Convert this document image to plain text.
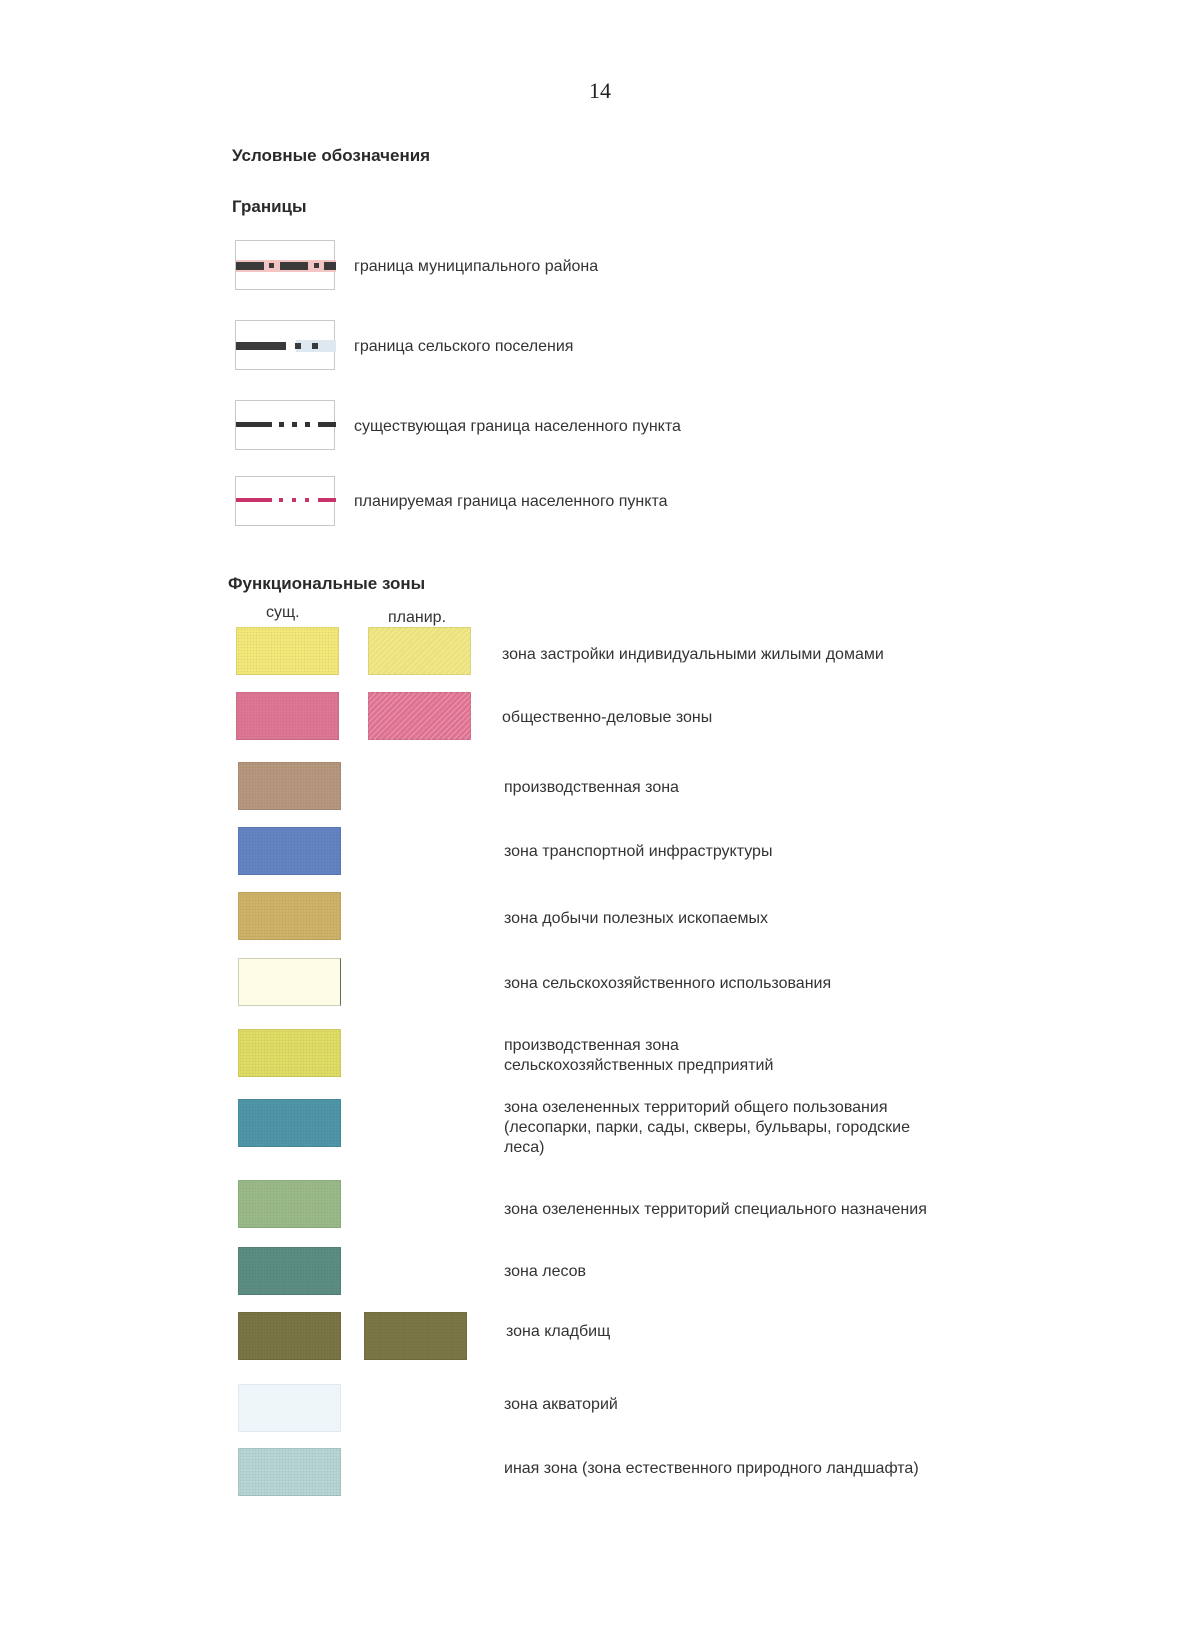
14
Условные обозначения
Границы
граница муниципального района
граница сельского поселения
существующая граница населенного пункта
планируемая граница населенного пункта
Функциональные зоны
сущ.	планир.
зона застройки индивидуальными жилыми домами
общественно-деловые зоны
производственная зона
зона транспортной инфраструктуры
зона добычи полезных ископаемых
зона сельскохозяйственного использования
производственная зона сельскохозяйственных предприятий
зона озелененных территорий общего пользования (лесопарки, парки, сады, скверы, бульвары, городские леса)
зона озелененных территорий специального назначения
зона лесов
зона кладбищ
зона акваторий
иная зона (зона естественного природного ландшафта)
